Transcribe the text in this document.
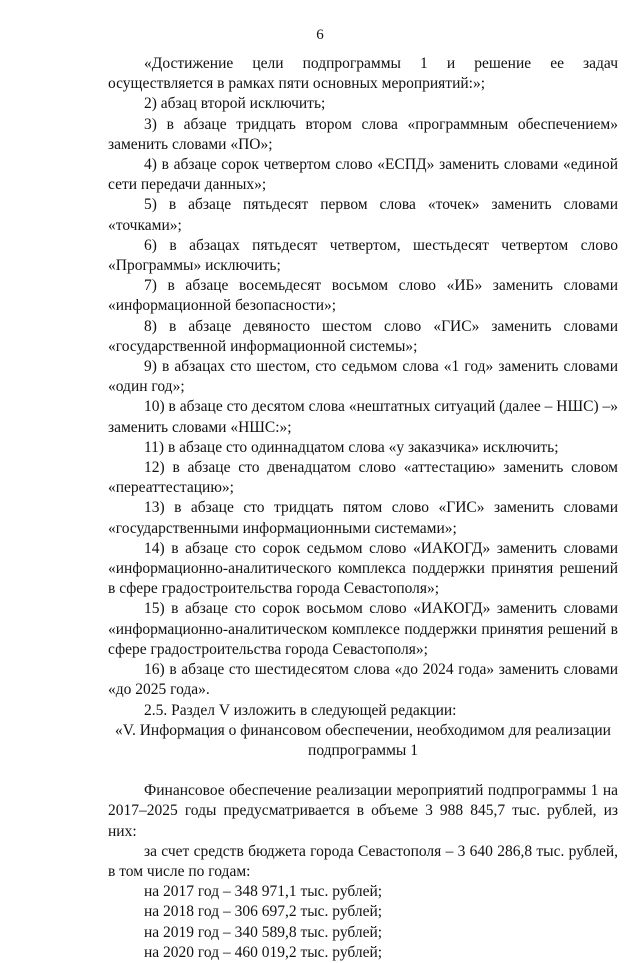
6

«Достижение цели подпрограммы 1 и решение ее задач осуществляется в рамках пяти основных мероприятий:»;

2) абзац второй исключить;

3) в абзаце тридцать втором слова «программным обеспечением» заменить словами «ПО»;

4) в абзаце сорок четвертом слово «ЕСПД» заменить словами «единой сети передачи данных»;

5) в абзаце пятьдесят первом слова «точек» заменить словами «точками»;

6) в абзацах пятьдесят четвертом, шестьдесят четвертом слово «Программы» исключить;

7) в абзаце восемьдесят восьмом слово «ИБ» заменить словами «информационной безопасности»;

8) в абзаце девяносто шестом слово «ГИС» заменить словами «государственной информационной системы»;

9) в абзацах сто шестом, сто седьмом слова «1 год» заменить словами «один год»;

10) в абзаце сто десятом слова «нештатных ситуаций (далее – НШС) –» заменить словами «НШС:»;

11) в абзаце сто одиннадцатом слова «у заказчика» исключить;

12) в абзаце сто двенадцатом слово «аттестацию» заменить словом «переаттестацию»;

13) в абзаце сто тридцать пятом слово «ГИС» заменить словами «государственными информационными системами»;

14) в абзаце сто сорок седьмом слово «ИАКОГД» заменить словами «информационно-аналитического комплекса поддержки принятия решений в сфере градостроительства города Севастополя»;

15) в абзаце сто сорок восьмом слово «ИАКОГД» заменить словами «информационно-аналитическом комплексе поддержки принятия решений в сфере градостроительства города Севастополя»;

16) в абзаце сто шестидесятом слова «до 2024 года» заменить словами «до 2025 года».

2.5. Раздел V изложить в следующей редакции:

«V. Информация о финансовом обеспечении, необходимом для реализации подпрограммы 1

Финансовое обеспечение реализации мероприятий подпрограммы 1 на 2017–2025 годы предусматривается в объеме 3 988 845,7 тыс. рублей, из них:

за счет средств бюджета города Севастополя – 3 640 286,8 тыс. рублей, в том числе по годам:

на 2017 год – 348 971,1 тыс. рублей;

на 2018 год – 306 697,2 тыс. рублей;

на 2019 год – 340 589,8 тыс. рублей;

на 2020 год – 460 019,2 тыс. рублей;
